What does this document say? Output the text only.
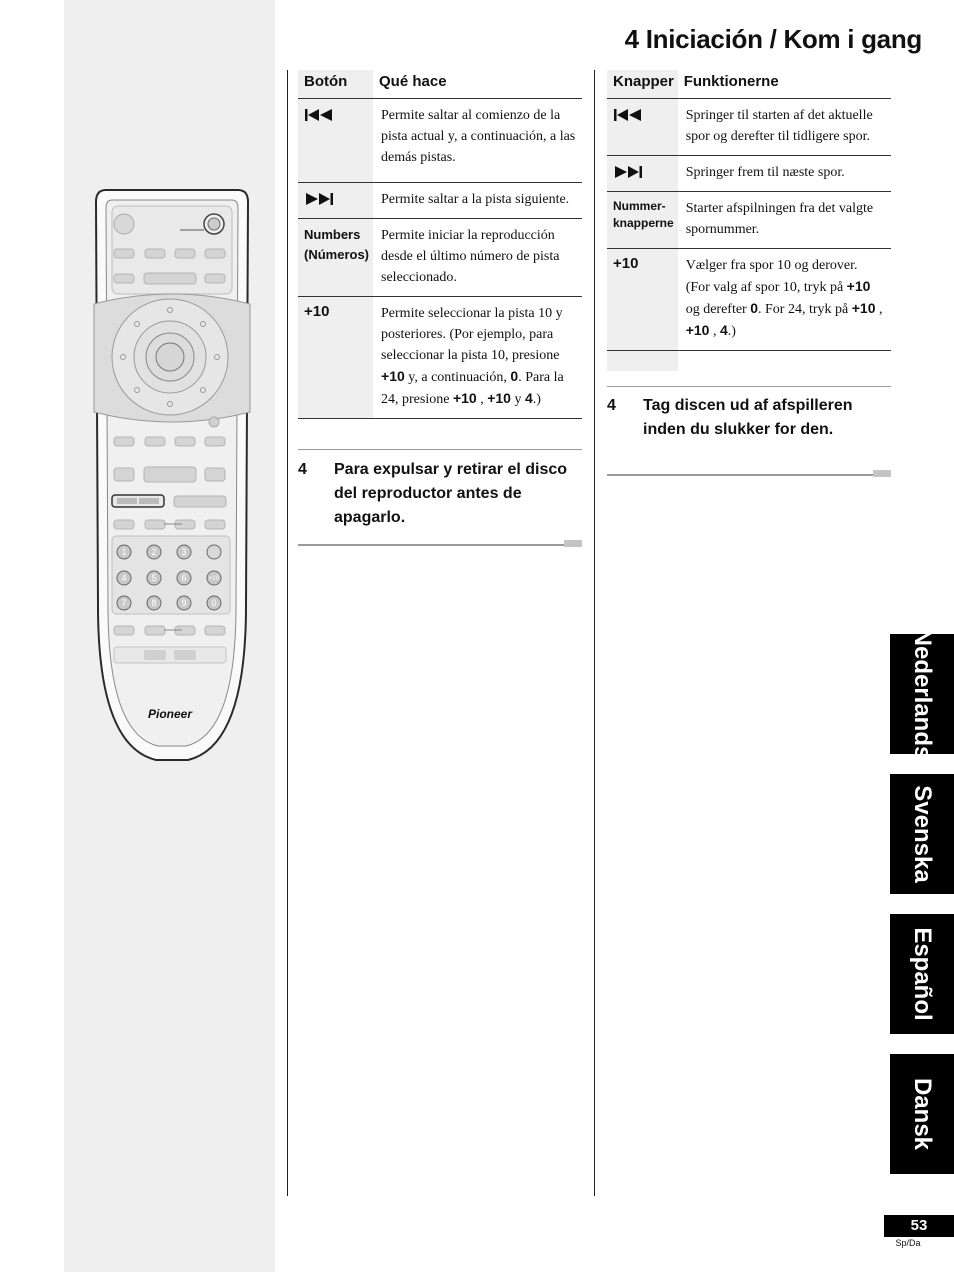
4 Iniciación / Kom i gang
1	2	3
4	5	6	+10
7	8	9	0
Pioneer
Botón	Qué hace
	Permite saltar al comienzo de la pista actual y, a continuación, a las demás pistas.
	Permite saltar a la pista siguiente.

Numbers
(Números)	Permite iniciar la reproducción desde el último número de pista seleccionado.
+10	Permite seleccionar la pista 10 y posteriores. (Por ejemplo, para seleccionar la pista 10, presione +10 y, a continuación, 0. Para la 24, presione +10 , +10 y 4.)
4 Para expulsar y retirar el disco del reproductor antes de apagarlo.
Knapper	Funktionerne
	Springer til starten af det aktuelle spor og derefter til tidligere spor.
	Springer frem til næste spor.

Nummer-
knapperne	Starter afspilningen fra det valgte spornummer.
+10	Vælger fra spor 10 og derover. (For valg af spor 10, tryk på +10 og derefter 0. For 24, tryk på +10 , +10 , 4.)

4 Tag discen ud af afspilleren inden du slukker for den.
Nederlands
Svenska
Español
Dansk
53
Sp/Da
